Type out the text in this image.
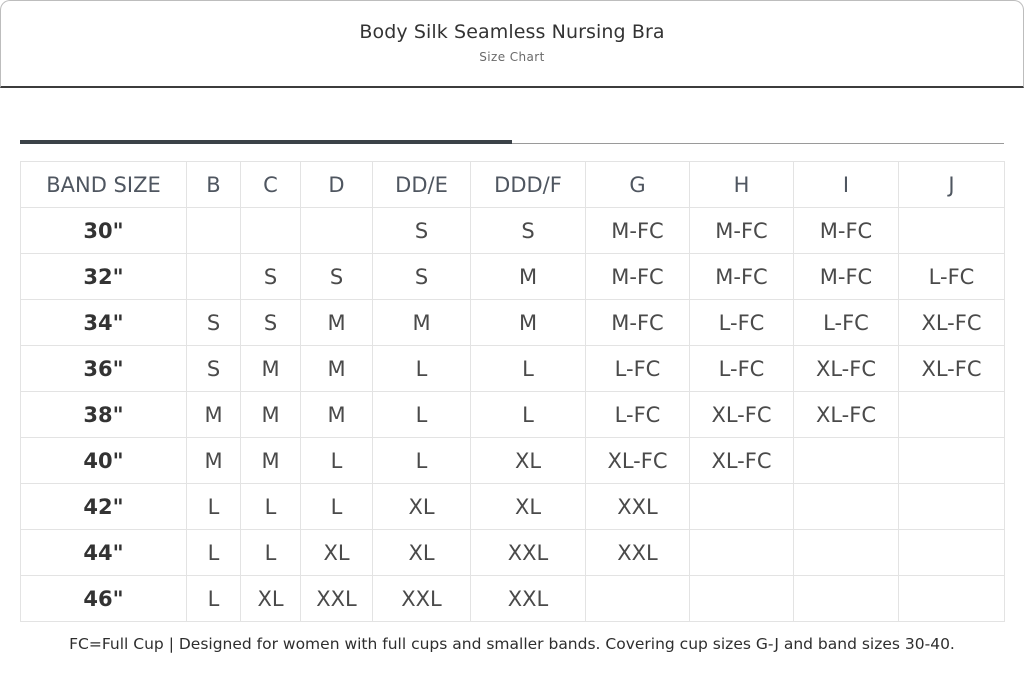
Body Silk Seamless Nursing Bra
Size Chart
BAND SIZE	B	C	D	DD/E	DDD/F	G	H	I	J
30"				S	S	M-FC	M-FC	M-FC	
32"		S	S	S	M	M-FC	M-FC	M-FC	L-FC
34"	S	S	M	M	M	M-FC	L-FC	L-FC	XL-FC
36"	S	M	M	L	L	L-FC	L-FC	XL-FC	XL-FC
38"	M	M	M	L	L	L-FC	XL-FC	XL-FC	
40"	M	M	L	L	XL	XL-FC	XL-FC		
42"	L	L	L	XL	XL	XXL			
44"	L	L	XL	XL	XXL	XXL			
46"	L	XL	XXL	XXL	XXL				
FC=Full Cup | Designed for women with full cups and smaller bands. Covering cup sizes G-J and band sizes 30-40.
